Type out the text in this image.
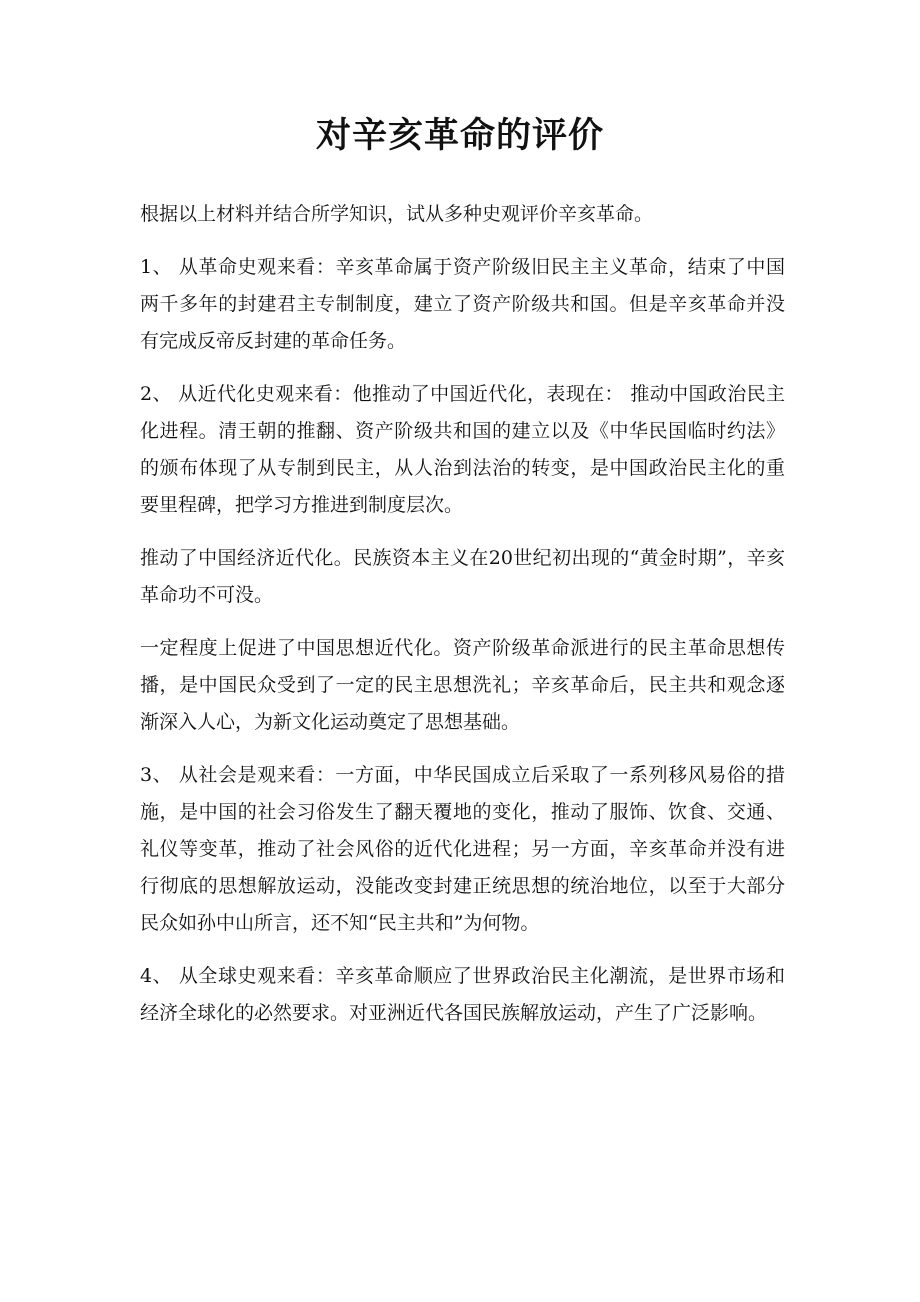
对辛亥革命的评价

根据以上材料并结合所学知识，试从多种史观评价辛亥革命。

1、 从革命史观来看：辛亥革命属于资产阶级旧民主主义革命，结束了中国两千多年的封建君主专制制度，建立了资产阶级共和国。但是辛亥革命并没有完成反帝反封建的革命任务。

2、 从近代化史观来看：他推动了中国近代化，表现在： 推动中国政治民主化进程。清王朝的推翻、资产阶级共和国的建立以及《中华民国临时约法》的颁布体现了从专制到民主，从人治到法治的转变，是中国政治民主化的重要里程碑，把学习方推进到制度层次。

推动了中国经济近代化。民族资本主义在20世纪初出现的“黄金时期”，辛亥革命功不可没。

一定程度上促进了中国思想近代化。资产阶级革命派进行的民主革命思想传播，是中国民众受到了一定的民主思想洗礼；辛亥革命后，民主共和观念逐渐深入人心，为新文化运动奠定了思想基础。

3、 从社会是观来看：一方面，中华民国成立后采取了一系列移风易俗的措施，是中国的社会习俗发生了翻天覆地的变化，推动了服饰、饮食、交通、礼仪等变革，推动了社会风俗的近代化进程；另一方面，辛亥革命并没有进行彻底的思想解放运动，没能改变封建正统思想的统治地位，以至于大部分民众如孙中山所言，还不知“民主共和”为何物。

4、 从全球史观来看：辛亥革命顺应了世界政治民主化潮流，是世界市场和经济全球化的必然要求。对亚洲近代各国民族解放运动，产生了广泛影响。
